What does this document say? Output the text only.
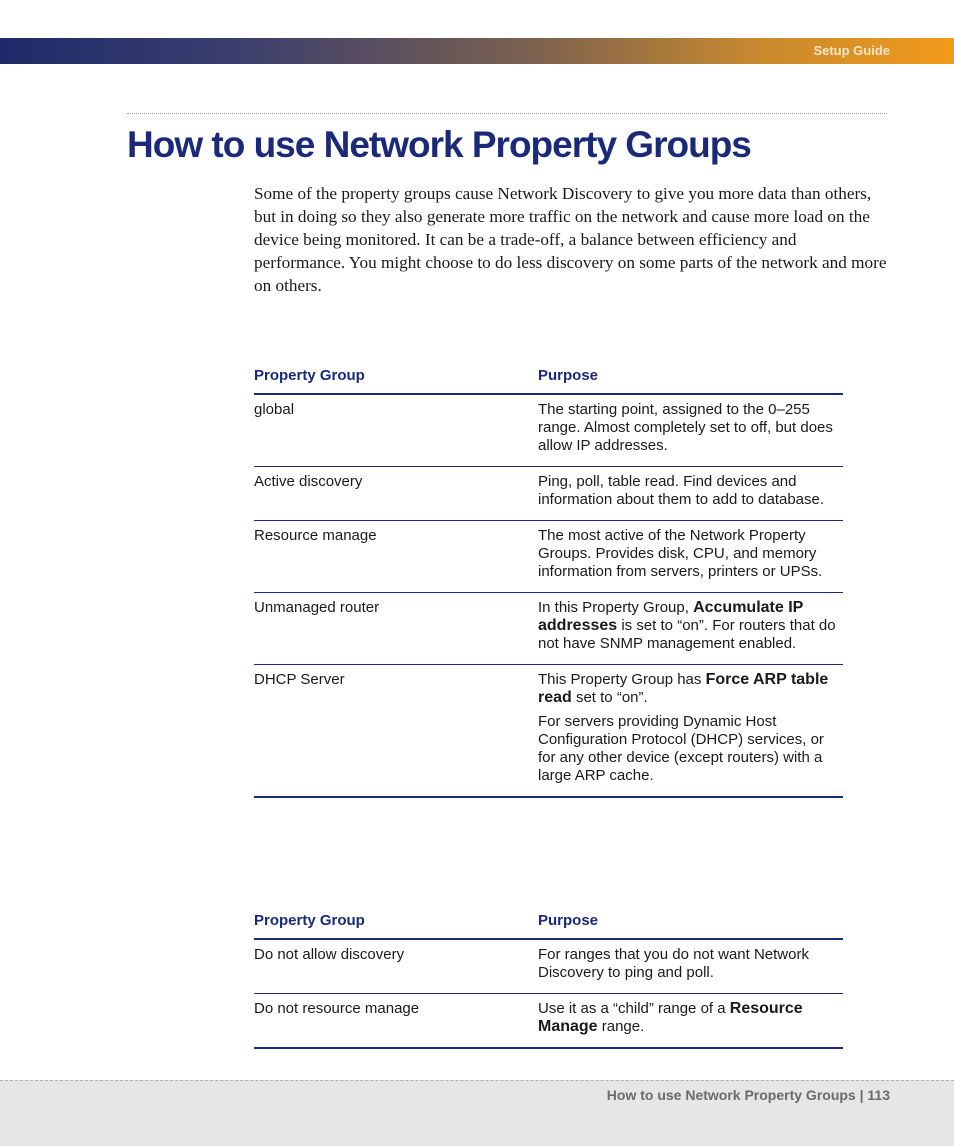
Setup Guide
How to use Network Property Groups

Some of the property groups cause Network Discovery to give you more data than others, but in doing so they also generate more traffic on the network and cause more load on the device being monitored. It can be a trade-off, a balance between efficiency and performance. You might choose to do less discovery on some parts of the network and more on others.

Property Group	Purpose
global	The starting point, assigned to the 0–255 range. Almost completely set to off, but does allow IP addresses.
Active discovery	Ping, poll, table read. Find devices and information about them to add to database.
Resource manage	The most active of the Network Property Groups. Provides disk, CPU, and memory information from servers, printers or UPSs.
Unmanaged router	In this Property Group, Accumulate IP addresses is set to “on”. For routers that do not have SNMP management enabled.
DHCP Server	This Property Group has Force ARP table read set to “on”.

For servers providing Dynamic Host Configuration Protocol (DHCP) services, or for any other device (except routers) with a large ARP cache.

Property Group	Purpose
Do not allow discovery	For ranges that you do not want Network Discovery to ping and poll.
Do not resource manage	Use it as a “child” range of a Resource Manage range.
How to use Network Property Groups | 113
